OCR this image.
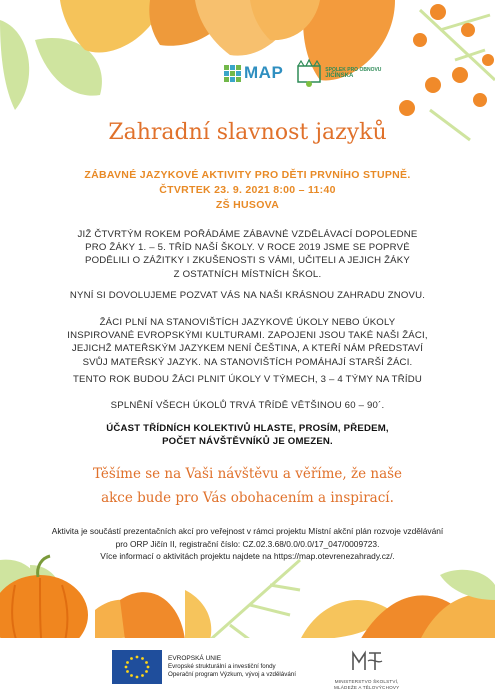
MAP	SPOLEK PRO OBNOVU
JIČÍNSKA
Zahradní slavnost jazyků
ZÁBAVNÉ JAZYKOVÉ AKTIVITY PRO DĚTI PRVNÍHO STUPNĚ.
ČTVRTEK 23. 9. 2021 8:00 – 11:40
ZŠ HUSOVA
JIŽ ČTVRTÝM ROKEM POŘÁDÁME ZÁBAVNÉ VZDĚLÁVACÍ DOPOLEDNE
PRO ŽÁKY 1. – 5. TŘÍD NAŠÍ ŠKOLY. V ROCE 2019 JSME SE POPRVÉ
PODĚLILI O ZÁŽITKY I ZKUŠENOSTI S VÁMI, UČITELI A JEJICH ŽÁKY
Z OSTATNÍCH MÍSTNÍCH ŠKOL.
NYNÍ SI DOVOLUJEME POZVAT VÁS NA NAŠI KRÁSNOU ZAHRADU ZNOVU.
ŽÁCI PLNÍ NA STANOVIŠTÍCH JAZYKOVÉ ÚKOLY NEBO ÚKOLY
INSPIROVANÉ EVROPSKÝMI KULTURAMI. ZAPOJENI JSOU TAKÉ NAŠI ŽÁCI,
JEJICHŽ MATEŘSKÝM JAZYKEM NENÍ ČEŠTINA, A KTEŘÍ NÁM PŘEDSTAVÍ
SVŮJ MATEŘSKÝ JAZYK. NA STANOVIŠTÍCH POMÁHAJÍ STARŠÍ ŽÁCI.
TENTO ROK BUDOU ŽÁCI PLNIT ÚKOLY V TÝMECH, 3 – 4 TÝMY NA TŘÍDU
SPLNĚNÍ VŠECH ÚKOLŮ TRVÁ TŘÍDĚ VĚTŠINOU 60 – 90´.
ÚČAST TŘÍDNÍCH KOLEKTIVŮ HLASTE, PROSÍM, PŘEDEM,
POČET NÁVŠTĚVNÍKŮ JE OMEZEN.
Těšíme se na Vaši návštěvu a věříme, že naše
akce bude pro Vás obohacením a inspirací.
Aktivita je součástí prezentačních akcí pro veřejnost v rámci projektu Místní akční plán rozvoje vzdělávání
pro ORP Jičín II, registrační číslo: CZ.02.3.68/0.0/0.0/17_047/0009723.
Více informací o aktivitách projektu najdete na https://map.otevrenezahrady.cz/.
EVROPSKÁ UNIE
Evropské strukturální a investiční fondy
Operační program Výzkum, vývoj a vzdělávání
MINISTERSTVO ŠKOLSTVÍ,
MLÁDEŽE A TĚLOVÝCHOVY
